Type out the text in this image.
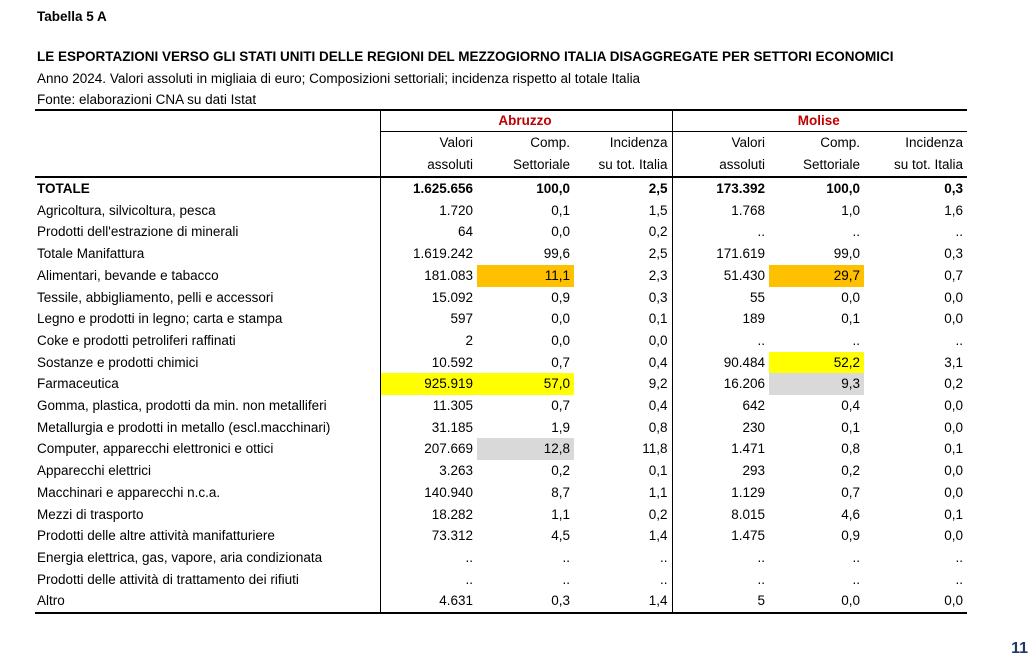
Tabella 5 A
LE ESPORTAZIONI VERSO GLI STATI UNITI DELLE REGIONI DEL MEZZOGIORNO ITALIA DISAGGREGATE PER SETTORI ECONOMICI
Anno 2024. Valori assoluti in migliaia di euro; Composizioni settoriali; incidenza rispetto al totale Italia
Fonte: elaborazioni CNA su dati Istat
	Abruzzo			Molise		
	Valori	Comp.	Incidenza	Valori	Comp.	Incidenza
	assoluti	Settoriale	su tot. Italia	assoluti	Settoriale	su tot. Italia
TOTALE	1.625.656	100,0	2,5	173.392	100,0	0,3
Agricoltura, silvicoltura, pesca	1.720	0,1	1,5	1.768	1,0	1,6
Prodotti dell'estrazione di minerali	64	0,0	0,2	..	..	..
Totale Manifattura	1.619.242	99,6	2,5	171.619	99,0	0,3
Alimentari, bevande e tabacco	181.083	11,1	2,3	51.430	29,7	0,7
Tessile, abbigliamento, pelli e accessori	15.092	0,9	0,3	55	0,0	0,0
Legno e prodotti in legno; carta e stampa	597	0,0	0,1	189	0,1	0,0
Coke e prodotti petroliferi raffinati	2	0,0	0,0	..	..	..
Sostanze e prodotti chimici	10.592	0,7	0,4	90.484	52,2	3,1
Farmaceutica	925.919	57,0	9,2	16.206	9,3	0,2
Gomma, plastica, prodotti da min. non metalliferi	11.305	0,7	0,4	642	0,4	0,0
Metallurgia e prodotti in metallo (escl.macchinari)	31.185	1,9	0,8	230	0,1	0,0
Computer, apparecchi elettronici e ottici	207.669	12,8	11,8	1.471	0,8	0,1
Apparecchi elettrici	3.263	0,2	0,1	293	0,2	0,0
Macchinari e apparecchi n.c.a.	140.940	8,7	1,1	1.129	0,7	0,0
Mezzi di trasporto	18.282	1,1	0,2	8.015	4,6	0,1
Prodotti delle altre attività manifatturiere	73.312	4,5	1,4	1.475	0,9	0,0
Energia elettrica, gas, vapore, aria condizionata	..	..	..	..	..	..
Prodotti delle attività di trattamento dei rifiuti	..	..	..	..	..	..
Altro	4.631	0,3	1,4	5	0,0	0,0
11
